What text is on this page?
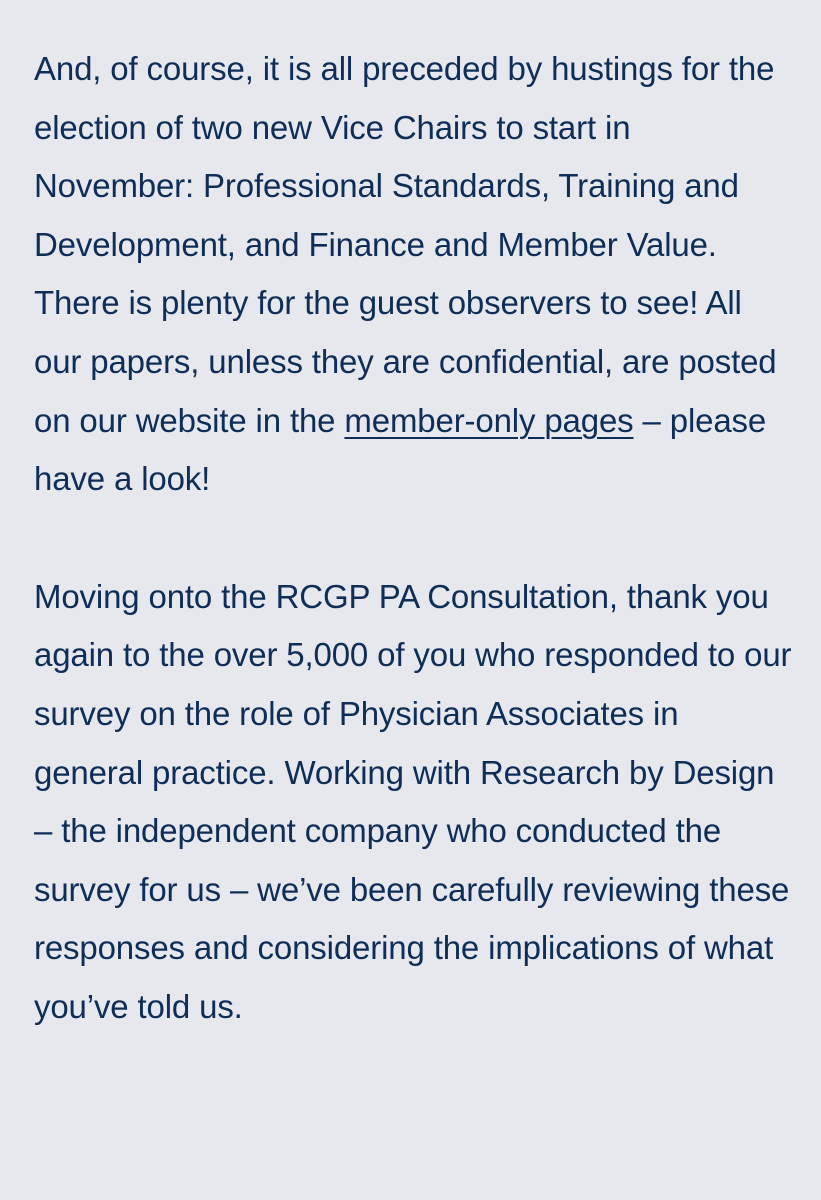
And, of course, it is all preceded by hustings for the election of two new Vice Chairs to start in November: Professional Standards, Training and Development, and Finance and Member Value. There is plenty for the guest observers to see! All our papers, unless they are confidential, are posted on our website in the member-only pages – please have a look!

Moving onto the RCGP PA Consultation, thank you again to the over 5,000 of you who responded to our survey on the role of Physician Associates in general practice. Working with Research by Design – the independent company who conducted the survey for us – we’ve been carefully reviewing these responses and considering the implications of what you’ve told us.
